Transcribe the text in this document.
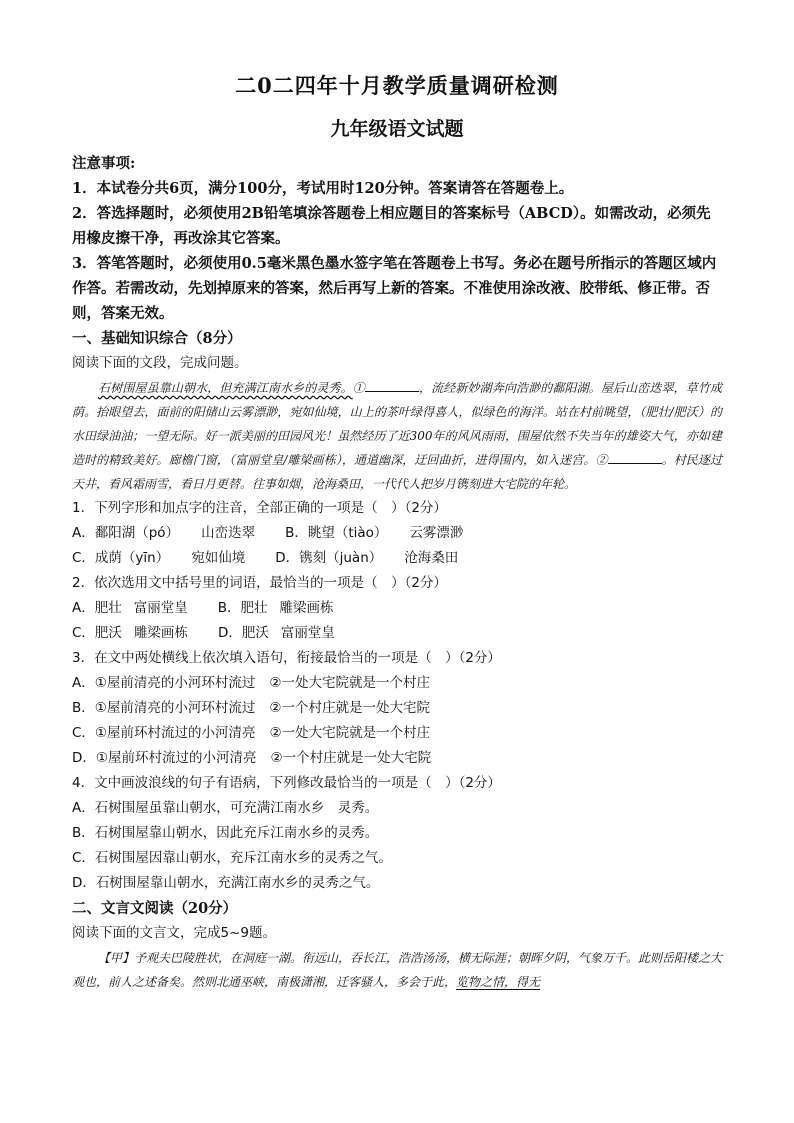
二0二四年十月教学质量调研检测
九年级语文试题
注意事项:
1．本试卷分共6页，满分100分，考试用时120分钟。答案请答在答题卷上。
2．答选择题时，必须使用2B铅笔填涂答题卷上相应题目的答案标号（ABCD）。如需改动，必须先用橡皮擦干净，再改涂其它答案。
3．答笔答题时，必须使用0.5毫米黑色墨水签字笔在答题卷上书写。务必在题号所指示的答题区域内作答。若需改动，先划掉原来的答案，然后再写上新的答案。不准使用涂改液、胶带纸、修正带。否则，答案无效。
一、基础知识综合（8分）
阅读下面的文段，完成问题。
石树围屋虽靠山朝水，但充满江南水乡的灵秀。①	，流经新妙湖奔向浩渺的鄱阳湖。屋后山峦迭翠，草竹成荫。抬眼望去，面前的阳储山云雾漂渺，宛如仙境，山上的茶叶绿得喜人，似绿色的海洋。站在村前眺望，（肥壮/肥沃）的水田绿油油；一望无际。好一派美丽的田园风光！虽然经历了近300年的风风雨雨，围屋依然不失当年的雄姿大气，亦如建造时的精致美好。廊檐门窗，（富丽堂皇/雕梁画栋），通道幽深，迂回曲折，进得围内，如入迷宫。②	。村民逐过天井，看风霜雨雪，看日月更替。往事如烟，沧海桑田，一代代人把岁月镌刻进大宅院的年轮。
1．下列字形和加点字的注音，全部正确的一项是（　）（2分）
A．鄱阳湖（pó） 山峦迭翠 B．眺望（tiào） 云雾漂渺
C．成荫（yīn） 宛如仙境 D．镌刻（juàn） 沧海桑田
2．依次选用文中括号里的词语，最恰当的一项是（　）（2分）
A．肥壮 富丽堂皇 B．肥壮 雕梁画栋
C．肥沃 雕梁画栋 D．肥沃 富丽堂皇
3．在文中两处横线上依次填入语句，衔接最恰当的一项是（　）（2分）
A．①屋前清亮的小河环村流过 ②一处大宅院就是一个村庄
B．①屋前清亮的小河环村流过 ②一个村庄就是一处大宅院
C．①屋前环村流过的小河清亮 ②一处大宅院就是一个村庄
D．①屋前环村流过的小河清亮 ②一个村庄就是一处大宅院
4．文中画波浪线的句子有语病，下列修改最恰当的一项是（　）（2分）
A．石树围屋虽靠山朝水，可充满江南水乡　灵秀。
B．石树围屋靠山朝水，因此充斥江南水乡的灵秀。
C．石树围屋因靠山朝水，充斥江南水乡的灵秀之气。
D．石树围屋靠山朝水，充满江南水乡的灵秀之气。
二、文言文阅读（20分）
阅读下面的文言文，完成5~9题。
【甲】予观夫巴陵胜状，在洞庭一湖。衔远山，吞长江，浩浩汤汤，横无际涯；朝晖夕阴，气象万千。此则岳阳楼之大观也，前人之述备矣。然则北通巫峡，南极潇湘，迁客骚人，多会于此，览物之情，得无
